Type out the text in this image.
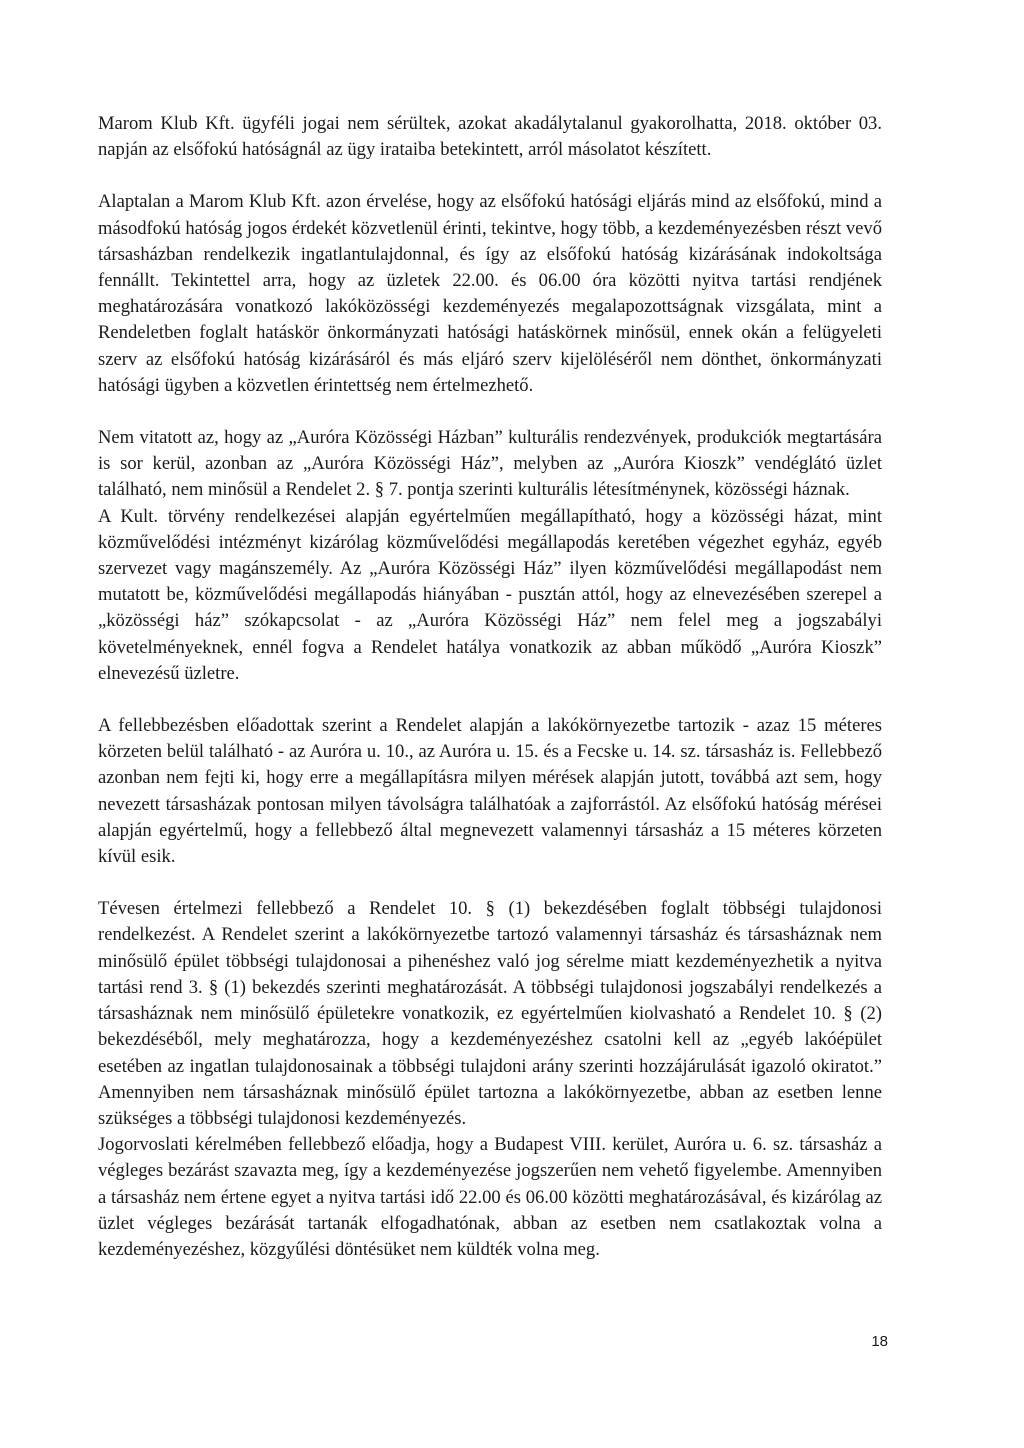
Marom Klub Kft. ügyféli jogai nem sérültek, azokat akadálytalanul gyakorolhatta, 2018. október 03. napján az elsőfokú hatóságnál az ügy irataiba betekintett, arról másolatot készített.

Alaptalan a Marom Klub Kft. azon érvelése, hogy az elsőfokú hatósági eljárás mind az elsőfokú, mind a másodfokú hatóság jogos érdekét közvetlenül érinti, tekintve, hogy több, a kezdeményezésben részt vevő társasházban rendelkezik ingatlantulajdonnal, és így az elsőfokú hatóság kizárásának indokoltsága fennállt. Tekintettel arra, hogy az üzletek 22.00. és 06.00 óra közötti nyitva tartási rendjének meghatározására vonatkozó lakóközösségi kezdeményezés megalapozottságnak vizsgálata, mint a Rendeletben foglalt hatáskör önkormányzati hatósági hatáskörnek minősül, ennek okán a felügyeleti szerv az elsőfokú hatóság kizárásáról és más eljáró szerv kijelöléséről nem dönthet, önkormányzati hatósági ügyben a közvetlen érintettség nem értelmezhető.

Nem vitatott az, hogy az „Auróra Közösségi Házban” kulturális rendezvények, produkciók megtartására is sor kerül, azonban az „Auróra Közösségi Ház”, melyben az „Auróra Kioszk” vendéglátó üzlet található, nem minősül a Rendelet 2. § 7. pontja szerinti kulturális létesítménynek, közösségi háznak.

A Kult. törvény rendelkezései alapján egyértelműen megállapítható, hogy a közösségi házat, mint közművelődési intézményt kizárólag közművelődési megállapodás keretében végezhet egyház, egyéb szervezet vagy magánszemély. Az „Auróra Közösségi Ház” ilyen közművelődési megállapodást nem mutatott be, közművelődési megállapodás hiányában - pusztán attól, hogy az elnevezésében szerepel a „közösségi ház” szókapcsolat - az „Auróra Közösségi Ház” nem felel meg a jogszabályi követelményeknek, ennél fogva a Rendelet hatálya vonatkozik az abban működő „Auróra Kioszk” elnevezésű üzletre.

A fellebbezésben előadottak szerint a Rendelet alapján a lakókörnyezetbe tartozik - azaz 15 méteres körzeten belül található - az Auróra u. 10., az Auróra u. 15. és a Fecske u. 14. sz. társasház is. Fellebbező azonban nem fejti ki, hogy erre a megállapításra milyen mérések alapján jutott, továbbá azt sem, hogy nevezett társasházak pontosan milyen távolságra találhatóak a zajforrástól. Az elsőfokú hatóság mérései alapján egyértelmű, hogy a fellebbező által megnevezett valamennyi társasház a 15 méteres körzeten kívül esik.

Tévesen értelmezi fellebbező a Rendelet 10. § (1) bekezdésében foglalt többségi tulajdonosi rendelkezést. A Rendelet szerint a lakókörnyezetbe tartozó valamennyi társasház és társasháznak nem minősülő épület többségi tulajdonosai a pihenéshez való jog sérelme miatt kezdeményezhetik a nyitva tartási rend 3. § (1) bekezdés szerinti meghatározását. A többségi tulajdonosi jogszabályi rendelkezés a társasháznak nem minősülő épületekre vonatkozik, ez egyértelműen kiolvasható a Rendelet 10. § (2) bekezdéséből, mely meghatározza, hogy a kezdeményezéshez csatolni kell az „egyéb lakóépület esetében az ingatlan tulajdonosainak a többségi tulajdoni arány szerinti hozzájárulását igazoló okiratot.” Amennyiben nem társasháznak minősülő épület tartozna a lakókörnyezetbe, abban az esetben lenne szükséges a többségi tulajdonosi kezdeményezés.

Jogorvoslati kérelmében fellebbező előadja, hogy a Budapest VIII. kerület, Auróra u. 6. sz. társasház a végleges bezárást szavazta meg, így a kezdeményezése jogszerűen nem vehető figyelembe. Amennyiben a társasház nem értene egyet a nyitva tartási idő 22.00 és 06.00 közötti meghatározásával, és kizárólag az üzlet végleges bezárását tartanák elfogadhatónak, abban az esetben nem csatlakoztak volna a kezdeményezéshez, közgyűlési döntésüket nem küldték volna meg.

18
